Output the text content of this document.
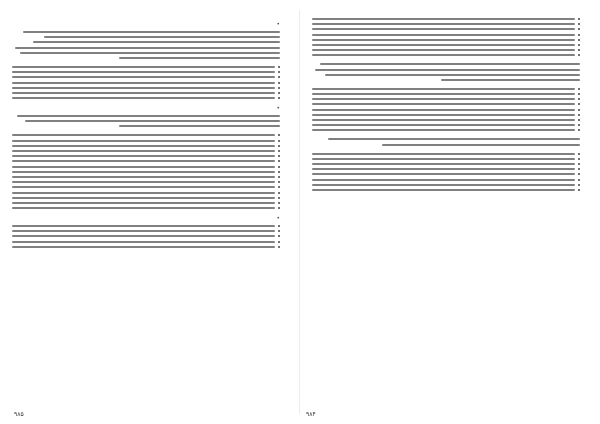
•
•
•
۹۸۵	۹۸۴
